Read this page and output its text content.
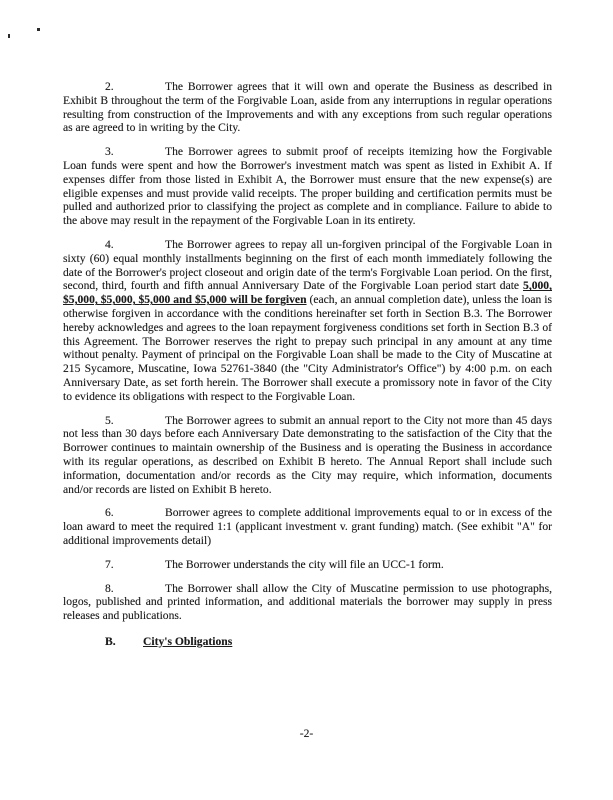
2.	The Borrower agrees that it will own and operate the Business as described in Exhibit B throughout the term of the Forgivable Loan, aside from any interruptions in regular operations resulting from construction of the Improvements and with any exceptions from such regular operations as are agreed to in writing by the City.

3.	The Borrower agrees to submit proof of receipts itemizing how the Forgivable Loan funds were spent and how the Borrower's investment match was spent as listed in Exhibit A. If expenses differ from those listed in Exhibit A, the Borrower must ensure that the new expense(s) are eligible expenses and must provide valid receipts. The proper building and certification permits must be pulled and authorized prior to classifying the project as complete and in compliance. Failure to abide to the above may result in the repayment of the Forgivable Loan in its entirety.

4.	The Borrower agrees to repay all un-forgiven principal of the Forgivable Loan in sixty (60) equal monthly installments beginning on the first of each month immediately following the date of the Borrower's project closeout and origin date of the term's Forgivable Loan period. On the first, second, third, fourth and fifth annual Anniversary Date of the Forgivable Loan period start date 5,000, $5,000, $5,000, $5,000 and $5,000 will be forgiven (each, an annual completion date), unless the loan is otherwise forgiven in accordance with the conditions hereinafter set forth in Section B.3. The Borrower hereby acknowledges and agrees to the loan repayment forgiveness conditions set forth in Section B.3 of this Agreement. The Borrower reserves the right to prepay such principal in any amount at any time without penalty. Payment of principal on the Forgivable Loan shall be made to the City of Muscatine at 215 Sycamore, Muscatine, Iowa 52761-3840 (the "City Administrator's Office") by 4:00 p.m. on each Anniversary Date, as set forth herein. The Borrower shall execute a promissory note in favor of the City to evidence its obligations with respect to the Forgivable Loan.

5.	The Borrower agrees to submit an annual report to the City not more than 45 days not less than 30 days before each Anniversary Date demonstrating to the satisfaction of the City that the Borrower continues to maintain ownership of the Business and is operating the Business in accordance with its regular operations, as described on Exhibit B hereto. The Annual Report shall include such information, documentation and/or records as the City may require, which information, documents and/or records are listed on Exhibit B hereto.

6.	Borrower agrees to complete additional improvements equal to or in excess of the loan award to meet the required 1:1 (applicant investment v. grant funding) match. (See exhibit "A" for additional improvements detail)

7.	The Borrower understands the city will file an UCC-1 form.

8.	The Borrower shall allow the City of Muscatine permission to use photographs, logos, published and printed information, and additional materials the borrower may supply in press releases and publications.

B. City's Obligations

-2-
